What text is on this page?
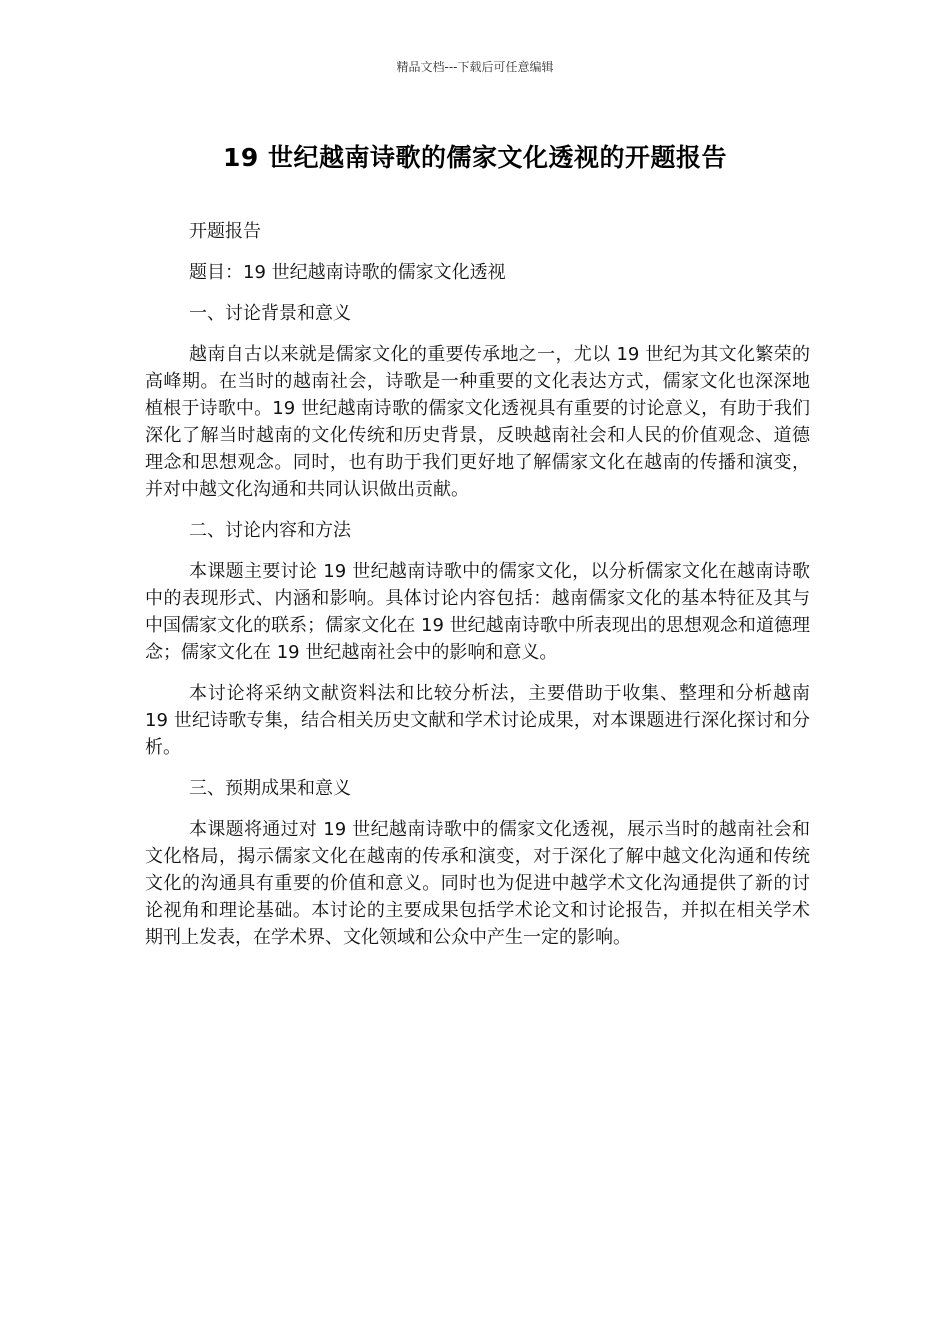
精品文档---下载后可任意编辑
19 世纪越南诗歌的儒家文化透视的开题报告

开题报告

题目：19 世纪越南诗歌的儒家文化透视

一、讨论背景和意义

越南自古以来就是儒家文化的重要传承地之一，尤以 19 世纪为其文化繁荣的高峰期。在当时的越南社会，诗歌是一种重要的文化表达方式，儒家文化也深深地植根于诗歌中。19 世纪越南诗歌的儒家文化透视具有重要的讨论意义，有助于我们深化了解当时越南的文化传统和历史背景，反映越南社会和人民的价值观念、道德理念和思想观念。同时，也有助于我们更好地了解儒家文化在越南的传播和演变，并对中越文化沟通和共同认识做出贡献。

二、讨论内容和方法

本课题主要讨论 19 世纪越南诗歌中的儒家文化，以分析儒家文化在越南诗歌中的表现形式、内涵和影响。具体讨论内容包括：越南儒家文化的基本特征及其与中国儒家文化的联系；儒家文化在 19 世纪越南诗歌中所表现出的思想观念和道德理念；儒家文化在 19 世纪越南社会中的影响和意义。

本讨论将采纳文献资料法和比较分析法，主要借助于收集、整理和分析越南 19 世纪诗歌专集，结合相关历史文献和学术讨论成果，对本课题进行深化探讨和分析。

三、预期成果和意义

本课题将通过对 19 世纪越南诗歌中的儒家文化透视，展示当时的越南社会和文化格局，揭示儒家文化在越南的传承和演变，对于深化了解中越文化沟通和传统文化的沟通具有重要的价值和意义。同时也为促进中越学术文化沟通提供了新的讨论视角和理论基础。本讨论的主要成果包括学术论文和讨论报告，并拟在相关学术期刊上发表，在学术界、文化领域和公众中产生一定的影响。
